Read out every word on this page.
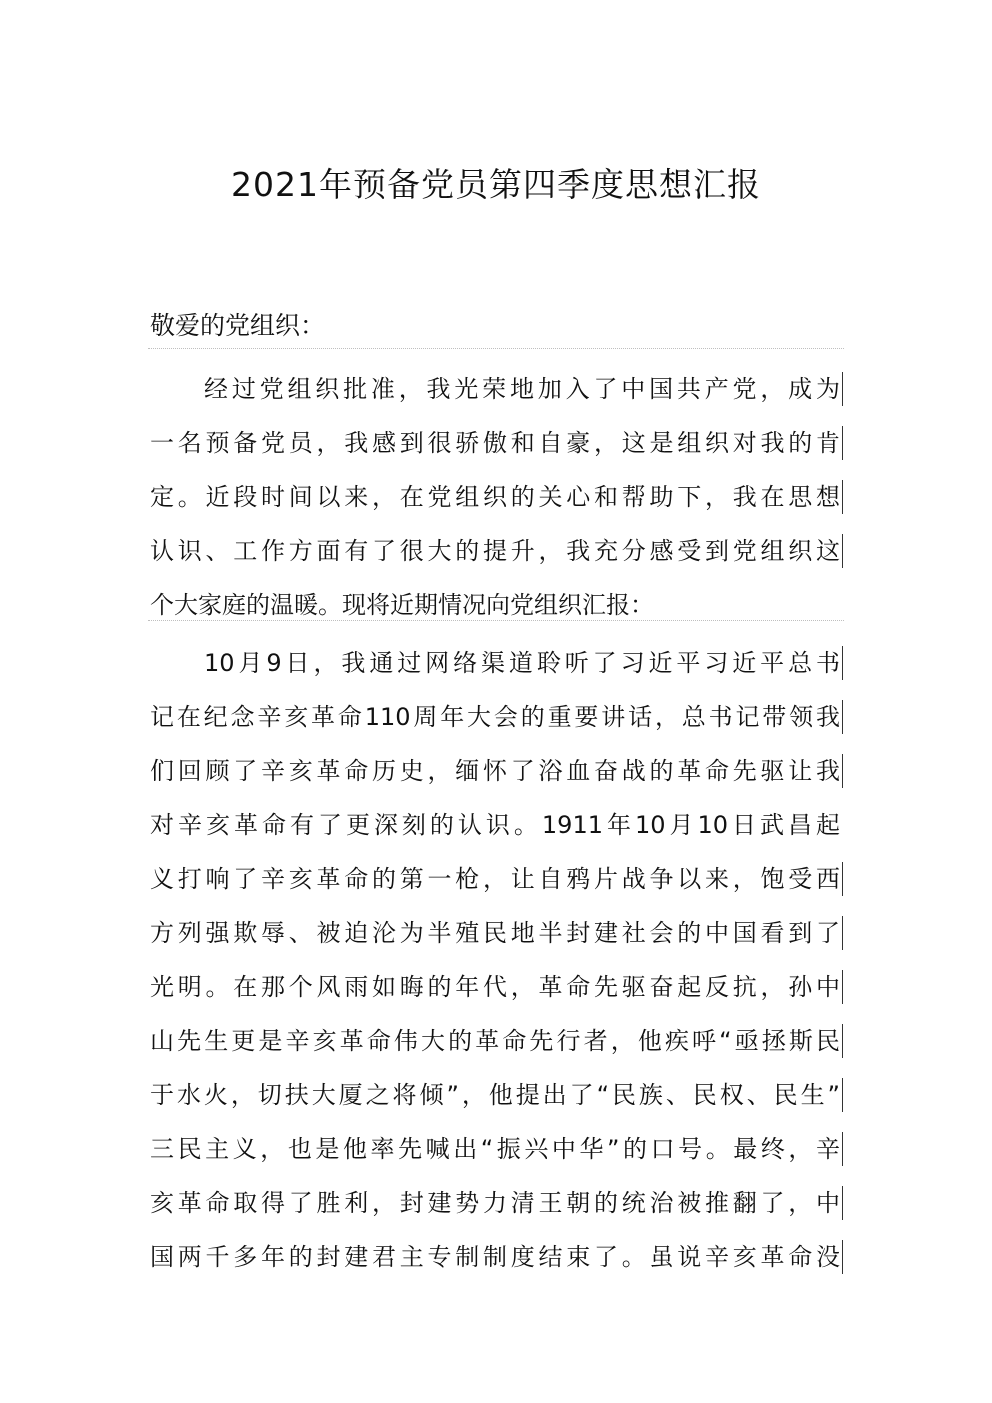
2021年预备党员第四季度思想汇报
敬爱的党组织：
经过党组织批准，我光荣地加入了中国共产党，成为
一名预备党员，我感到很骄傲和自豪，这是组织对我的肯
定。近段时间以来，在党组织的关心和帮助下，我在思想
认识、工作方面有了很大的提升，我充分感受到党组织这
个大家庭的温暖。现将近期情况向党组织汇报：
10月9日，我通过网络渠道聆听了习近平习近平总书
记在纪念辛亥革命110周年大会的重要讲话，总书记带领我
们回顾了辛亥革命历史，缅怀了浴血奋战的革命先驱让我
对辛亥革命有了更深刻的认识。1911年10月10日武昌起
义打响了辛亥革命的第一枪，让自鸦片战争以来，饱受西
方列强欺辱、被迫沦为半殖民地半封建社会的中国看到了
光明。在那个风雨如晦的年代，革命先驱奋起反抗，孙中
山先生更是辛亥革命伟大的革命先行者，他疾呼“亟拯斯民
于水火，切扶大厦之将倾”，他提出了“民族、民权、民生”
三民主义，也是他率先喊出“振兴中华”的口号。最终，辛
亥革命取得了胜利，封建势力清王朝的统治被推翻了，中
国两千多年的封建君主专制制度结束了。虽说辛亥革命没
